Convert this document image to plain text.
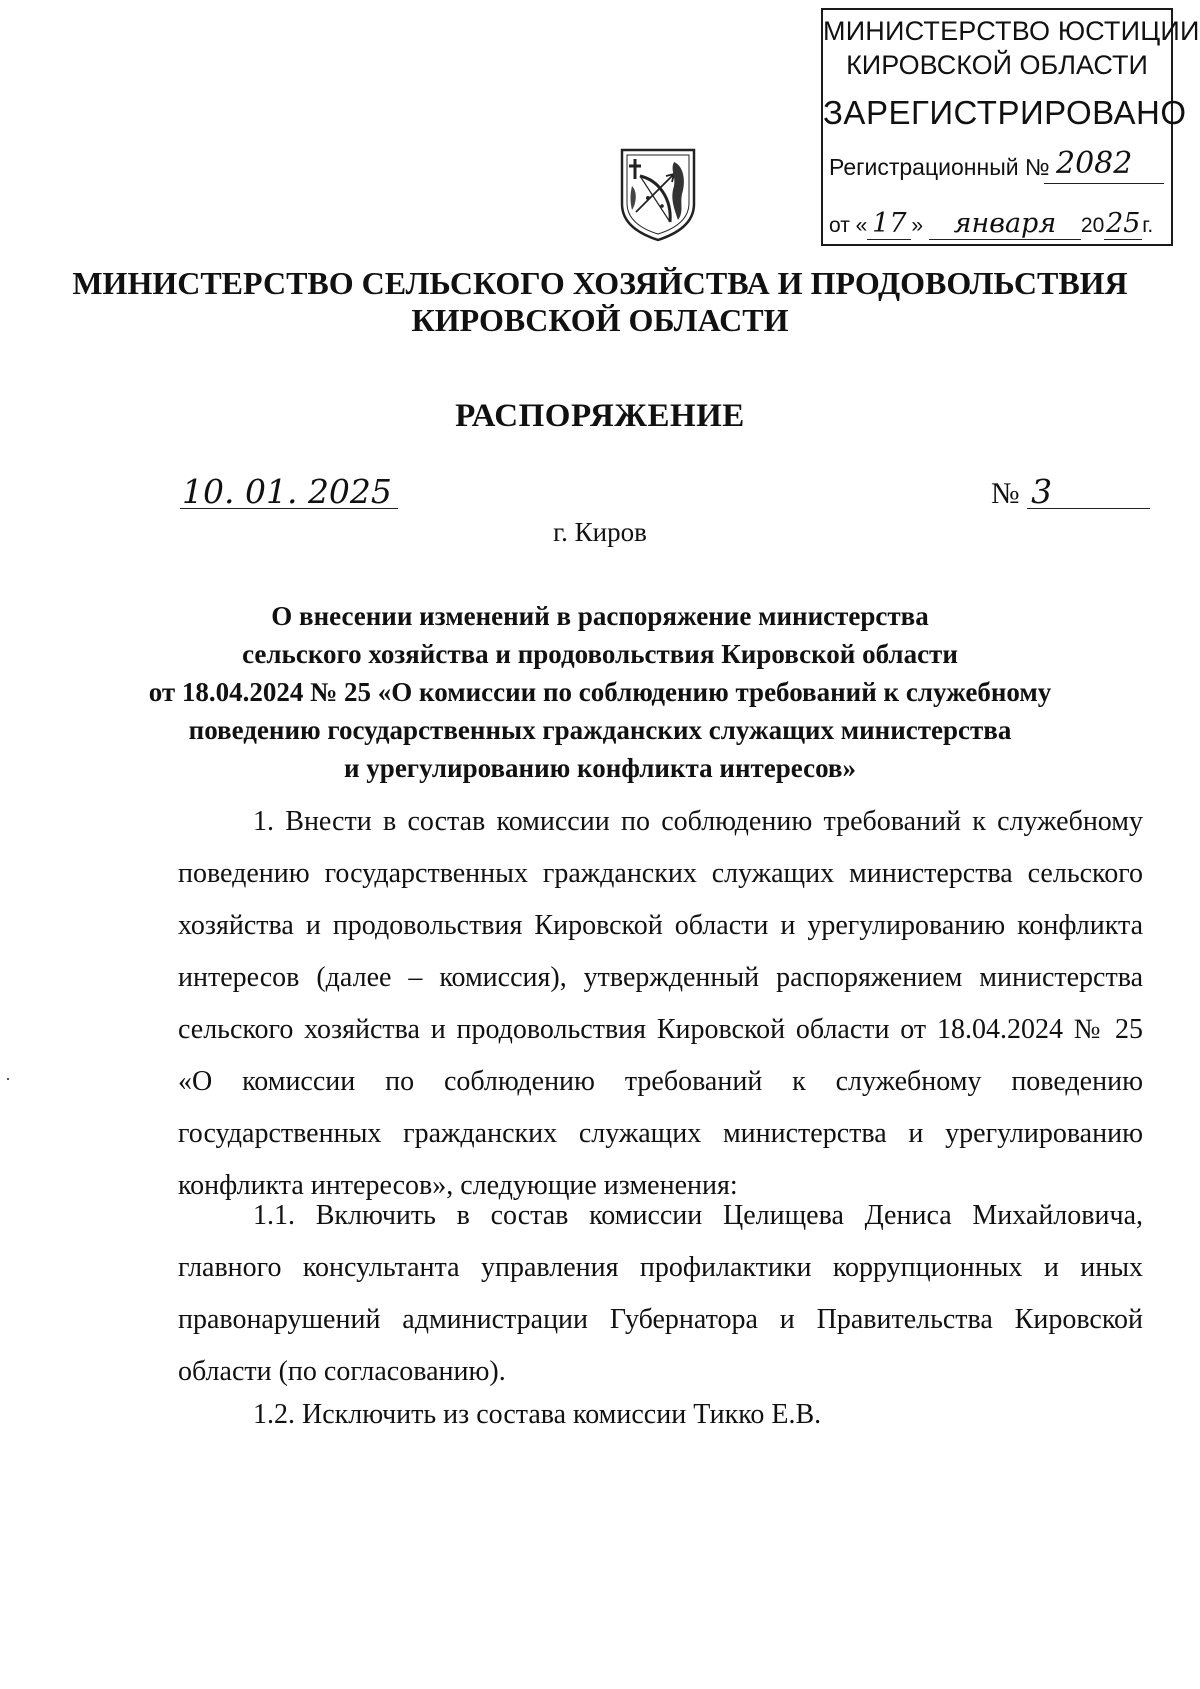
МИНИСТЕРСТВО ЮСТИЦИИ
КИРОВСКОЙ ОБЛАСТИ
ЗАРЕГИСТРИРОВАНО
Регистрационный № 2082
от « 17 » января 2025г.
МИНИСТЕРСТВО СЕЛЬСКОГО ХОЗЯЙСТВА И ПРОДОВОЛЬСТВИЯ
КИРОВСКОЙ ОБЛАСТИ
РАСПОРЯЖЕНИЕ
10. 01. 2025	№ 3
г. Киров
О внесении изменений в распоряжение министерства
сельского хозяйства и продовольствия Кировской области
от 18.04.2024 № 25 «О комиссии по соблюдению требований к служебному
поведению государственных гражданских служащих министерства
и урегулированию конфликта интересов»
1. Внести в состав комиссии по соблюдению требований к служебному поведению государственных гражданских служащих министерства сельского хозяйства и продовольствия Кировской области и урегулированию конфликта интересов (далее – комиссия), утвержденный распоряжением министерства сельского хозяйства и продовольствия Кировской области от 18.04.2024 № 25 «О комиссии по соблюдению требований к служебному поведению государственных гражданских служащих министерства и урегулированию конфликта интересов», следующие изменения:
1.1. Включить в состав комиссии Целищева Дениса Михайловича, главного консультанта управления профилактики коррупционных и иных правонарушений администрации Губернатора и Правительства Кировской области (по согласованию).
1.2. Исключить из состава комиссии Тикко Е.В.
